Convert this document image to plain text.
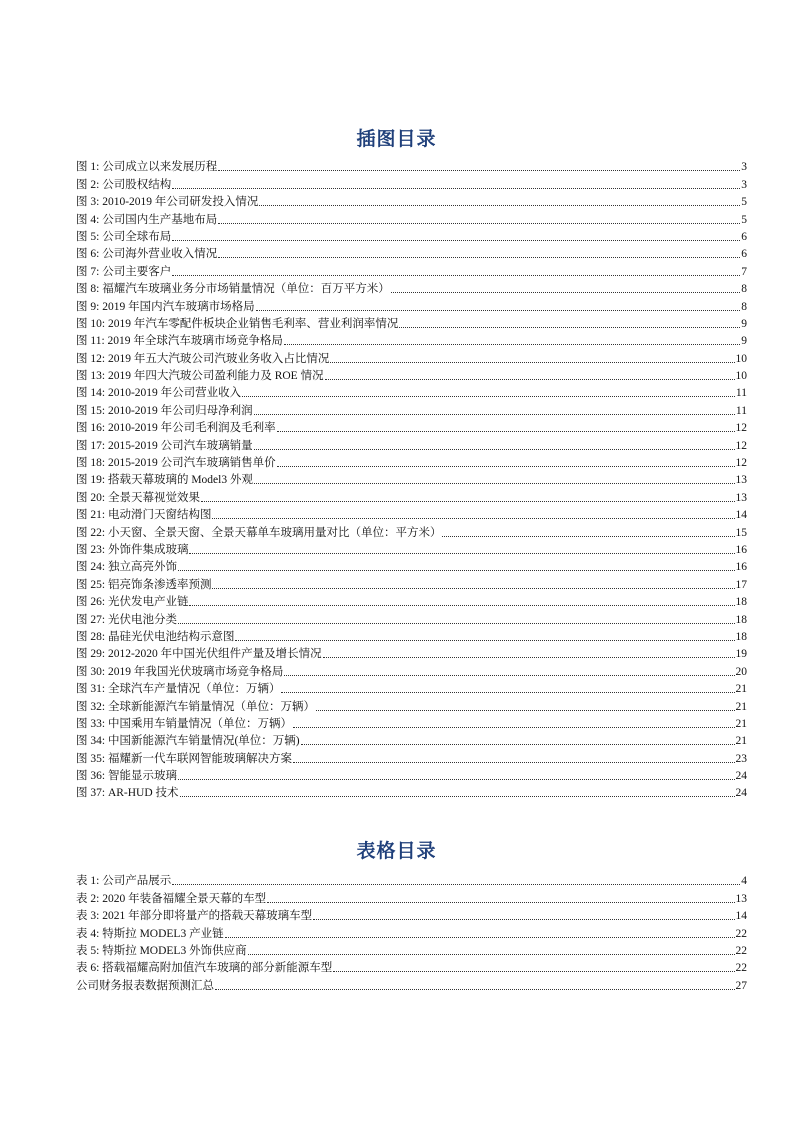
插图目录
图 1: 公司成立以来发展历程	3
图 2: 公司股权结构	3
图 3: 2010-2019 年公司研发投入情况	5
图 4: 公司国内生产基地布局	5
图 5: 公司全球布局	6
图 6: 公司海外营业收入情况	6
图 7: 公司主要客户	7
图 8: 福耀汽车玻璃业务分市场销量情况（单位：百万平方米）	8
图 9: 2019 年国内汽车玻璃市场格局	8
图 10: 2019 年汽车零配件板块企业销售毛利率、营业利润率情况	9
图 11: 2019 年全球汽车玻璃市场竞争格局	9
图 12: 2019 年五大汽玻公司汽玻业务收入占比情况	10
图 13: 2019 年四大汽玻公司盈利能力及 ROE 情况	10
图 14: 2010-2019 年公司营业收入	11
图 15: 2010-2019 年公司归母净利润	11
图 16: 2010-2019 年公司毛利润及毛利率	12
图 17: 2015-2019 公司汽车玻璃销量	12
图 18: 2015-2019 公司汽车玻璃销售单价	12
图 19: 搭载天幕玻璃的 Model3 外观	13
图 20: 全景天幕视觉效果	13
图 21: 电动滑门天窗结构图	14
图 22: 小天窗、全景天窗、全景天幕单车玻璃用量对比（单位：平方米）	15
图 23: 外饰件集成玻璃	16
图 24: 独立高亮外饰	16
图 25: 铝亮饰条渗透率预测	17
图 26: 光伏发电产业链	18
图 27: 光伏电池分类	18
图 28: 晶硅光伏电池结构示意图	18
图 29: 2012-2020 年中国光伏组件产量及增长情况	19
图 30: 2019 年我国光伏玻璃市场竞争格局	20
图 31: 全球汽车产量情况（单位：万辆）	21
图 32: 全球新能源汽车销量情况（单位：万辆）	21
图 33: 中国乘用车销量情况（单位：万辆）	21
图 34: 中国新能源汽车销量情况(单位：万辆)	21
图 35: 福耀新一代车联网智能玻璃解决方案	23
图 36: 智能显示玻璃	24
图 37: AR-HUD 技术	24
表格目录
表 1: 公司产品展示	4
表 2: 2020 年装备福耀全景天幕的车型	13
表 3: 2021 年部分即将量产的搭载天幕玻璃车型	14
表 4: 特斯拉 MODEL3 产业链	22
表 5: 特斯拉 MODEL3 外饰供应商	22
表 6: 搭载福耀高附加值汽车玻璃的部分新能源车型	22
公司财务报表数据预测汇总	27
